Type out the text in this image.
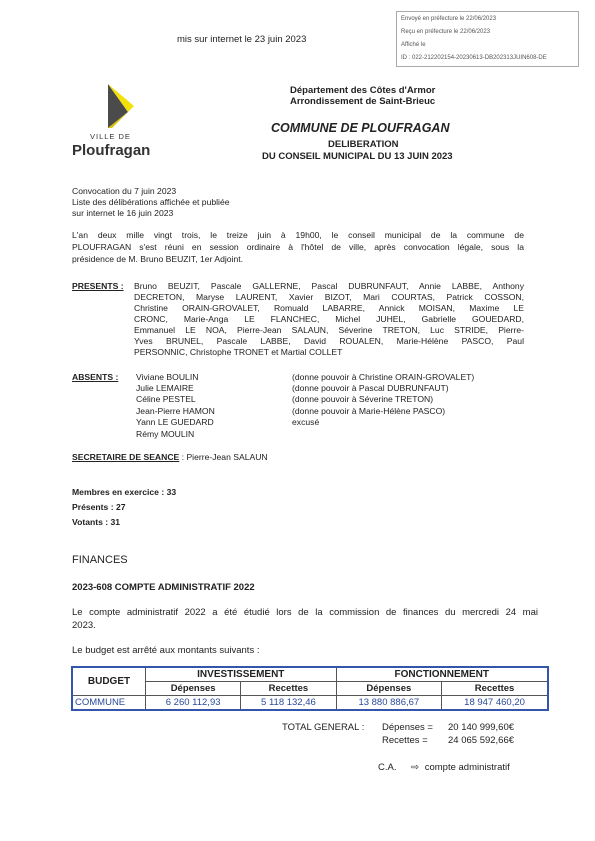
mis sur internet le 23 juin 2023
Envoyé en préfecture le 22/06/2023
Reçu en préfecture le 22/06/2023
Affiché le
ID : 022-212202154-20230613-DB202313JUIN608-DE
VILLE DE
Ploufragan
Département des Côtes d'Armor
Arrondissement de Saint-Brieuc
COMMUNE DE PLOUFRAGAN
DELIBERATION
DU CONSEIL MUNICIPAL DU 13 JUIN 2023
Convocation du 7 juin 2023
Liste des délibérations affichée et publiée
sur internet le 16 juin 2023
L'an deux mille vingt trois, le treize juin à 19h00, le conseil municipal de la commune de
PLOUFRAGAN s'est réuni en session ordinaire à l'hôtel de ville, après convocation légale, sous la
présidence de M. Bruno BEUZIT, 1er Adjoint.
PRESENTS : Bruno BEUZIT, Pascale GALLERNE, Pascal DUBRUNFAUT, Annie LABBE, Anthony
DECRETON, Maryse LAURENT, Xavier BIZOT, Mari COURTAS, Patrick COSSON,
Christine ORAIN-GROVALET, Romuald LABARRE, Annick MOISAN, Maxime LE
CRONC, Marie-Anga LE FLANCHEC, Michel JUHEL, Gabrielle GOUEDARD,
Emmanuel LE NOA, Pierre-Jean SALAUN, Séverine TRETON, Luc STRIDE, Pierre-
Yves BRUNEL, Pascale LABBE, David ROUALEN, Marie-Hélène PASCO, Paul
PERSONNIC, Christophe TRONET et Martial COLLET
ABSENTS : Viviane BOULIN	(donne pouvoir à Christine ORAIN-GROVALET)
Julie LEMAIRE	(donne pouvoir à Pascal DUBRUNFAUT)
Céline PESTEL	(donne pouvoir à Séverine TRETON)
Jean-Pierre HAMON	(donne pouvoir à Marie-Hélène PASCO)
Yann LE GUEDARD	excusé
Rémy MOULIN
SECRETAIRE DE SEANCE : Pierre-Jean SALAUN
Membres en exercice : 33
Présents : 27
Votants : 31
FINANCES
2023-608 COMPTE ADMINISTRATIF 2022
Le compte administratif 2022 a été étudié lors de la commission de finances du mercredi 24 mai
2023.
Le budget est arrêté aux montants suivants :
BUDGET	INVESTISSEMENT		FONCTIONNEMENT	
	Dépenses	Recettes	Dépenses	Recettes
COMMUNE	6 260 112,93	5 118 132,46	13 880 886,67	18 947 460,20
TOTAL GENERAL : Dépenses = 20 140 999,60€
Recettes = 24 065 592,66€
C.A. ⇨ compte administratif
